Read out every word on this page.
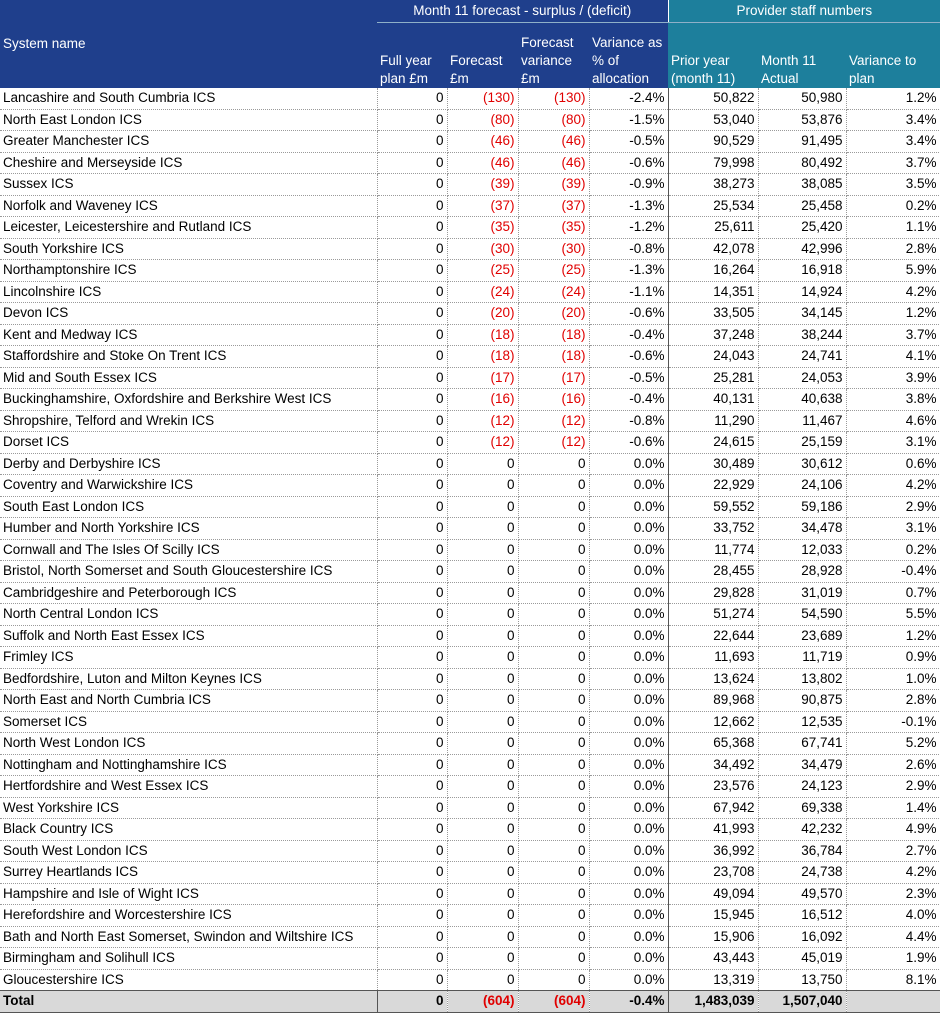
System name	Month 11 forecast - surplus / (deficit)				Provider staff numbers		
	Full year plan £m	Forecast £m	Forecast variance £m	Variance as % of allocation	Prior year (month 11)	Month 11 Actual	Variance to plan
Lancashire and South Cumbria ICS	0	(130)	(130)	-2.4%	50,822	50,980	1.2%
North East London ICS	0	(80)	(80)	-1.5%	53,040	53,876	3.4%
Greater Manchester ICS	0	(46)	(46)	-0.5%	90,529	91,495	3.4%
Cheshire and Merseyside ICS	0	(46)	(46)	-0.6%	79,998	80,492	3.7%
Sussex ICS	0	(39)	(39)	-0.9%	38,273	38,085	3.5%
Norfolk and Waveney ICS	0	(37)	(37)	-1.3%	25,534	25,458	0.2%
Leicester, Leicestershire and Rutland ICS	0	(35)	(35)	-1.2%	25,611	25,420	1.1%
South Yorkshire ICS	0	(30)	(30)	-0.8%	42,078	42,996	2.8%
Northamptonshire ICS	0	(25)	(25)	-1.3%	16,264	16,918	5.9%
Lincolnshire ICS	0	(24)	(24)	-1.1%	14,351	14,924	4.2%
Devon ICS	0	(20)	(20)	-0.6%	33,505	34,145	1.2%
Kent and Medway ICS	0	(18)	(18)	-0.4%	37,248	38,244	3.7%
Staffordshire and Stoke On Trent ICS	0	(18)	(18)	-0.6%	24,043	24,741	4.1%
Mid and South Essex ICS	0	(17)	(17)	-0.5%	25,281	24,053	3.9%
Buckinghamshire, Oxfordshire and Berkshire West ICS	0	(16)	(16)	-0.4%	40,131	40,638	3.8%
Shropshire, Telford and Wrekin ICS	0	(12)	(12)	-0.8%	11,290	11,467	4.6%
Dorset ICS	0	(12)	(12)	-0.6%	24,615	25,159	3.1%
Derby and Derbyshire ICS	0	0	0	0.0%	30,489	30,612	0.6%
Coventry and Warwickshire ICS	0	0	0	0.0%	22,929	24,106	4.2%
South East London ICS	0	0	0	0.0%	59,552	59,186	2.9%
Humber and North Yorkshire ICS	0	0	0	0.0%	33,752	34,478	3.1%
Cornwall and The Isles Of Scilly ICS	0	0	0	0.0%	11,774	12,033	0.2%
Bristol, North Somerset and South Gloucestershire ICS	0	0	0	0.0%	28,455	28,928	-0.4%
Cambridgeshire and Peterborough ICS	0	0	0	0.0%	29,828	31,019	0.7%
North Central London ICS	0	0	0	0.0%	51,274	54,590	5.5%
Suffolk and North East Essex ICS	0	0	0	0.0%	22,644	23,689	1.2%
Frimley ICS	0	0	0	0.0%	11,693	11,719	0.9%
Bedfordshire, Luton and Milton Keynes ICS	0	0	0	0.0%	13,624	13,802	1.0%
North East and North Cumbria ICS	0	0	0	0.0%	89,968	90,875	2.8%
Somerset ICS	0	0	0	0.0%	12,662	12,535	-0.1%
North West London ICS	0	0	0	0.0%	65,368	67,741	5.2%
Nottingham and Nottinghamshire ICS	0	0	0	0.0%	34,492	34,479	2.6%
Hertfordshire and West Essex ICS	0	0	0	0.0%	23,576	24,123	2.9%
West Yorkshire ICS	0	0	0	0.0%	67,942	69,338	1.4%
Black Country ICS	0	0	0	0.0%	41,993	42,232	4.9%
South West London ICS	0	0	0	0.0%	36,992	36,784	2.7%
Surrey Heartlands ICS	0	0	0	0.0%	23,708	24,738	4.2%
Hampshire and Isle of Wight ICS	0	0	0	0.0%	49,094	49,570	2.3%
Herefordshire and Worcestershire ICS	0	0	0	0.0%	15,945	16,512	4.0%
Bath and North East Somerset, Swindon and Wiltshire ICS	0	0	0	0.0%	15,906	16,092	4.4%
Birmingham and Solihull ICS	0	0	0	0.0%	43,443	45,019	1.9%
Gloucestershire ICS	0	0	0	0.0%	13,319	13,750	8.1%
Total	0	(604)	(604)	-0.4%	1,483,039	1,507,040	
